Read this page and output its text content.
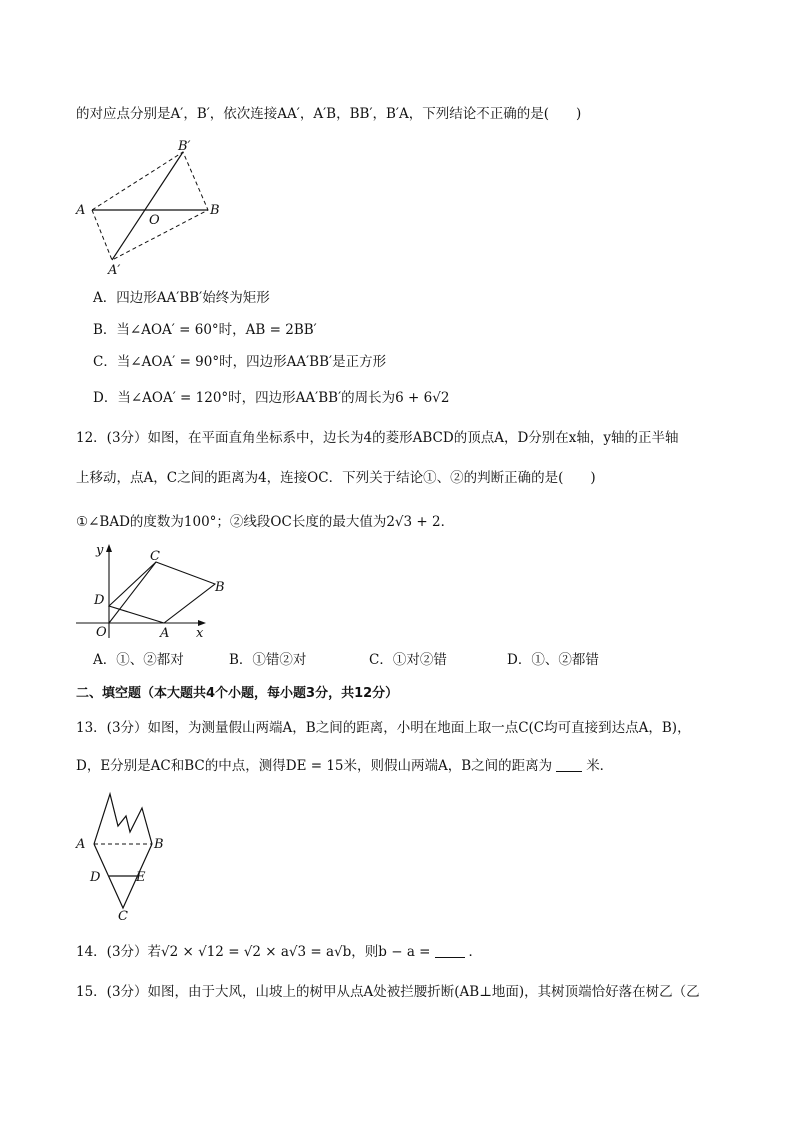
的对应点分别是A′，B′，依次连接AA′，A′B，BB′，B′A，下列结论不正确的是(　　)
B′
A
O
B
A′
A．四边形AA′BB′始终为矩形
B．当∠AOA′ = 60°时，AB = 2BB′
C．当∠AOA′ = 90°时，四边形AA′BB′是正方形
D．当∠AOA′ = 120°时，四边形AA′BB′的周长为6 + 6√2
12．(3分）如图，在平面直角坐标系中，边长为4的菱形ABCD的顶点A，D分别在x轴，y轴的正半轴
上移动，点A，C之间的距离为4，连接OC．下列关于结论①、②的判断正确的是(　　)
①∠BAD的度数为100°；②线段OC长度的最大值为2√3 + 2．
y	C
B
D
O	A x
A．①、②都对	B．①错②对	C．①对②错	D．①、②都错
二、填空题（本大题共4个小题，每小题3分，共12分）
13．(3分）如图，为测量假山两端A，B之间的距离，小明在地面上取一点C(C均可直接到达点A，B)，
D，E分别是AC和BC的中点，测得DE = 15米，则假山两端A，B之间的距离为	米．
A	B
D	E
C
14．(3分）若√2 × √12 = √2 × a√3 = a√b，则b − a =	．
15．(3分）如图，由于大风，山坡上的树甲从点A处被拦腰折断(AB⊥地面)，其树顶端恰好落在树乙（乙
